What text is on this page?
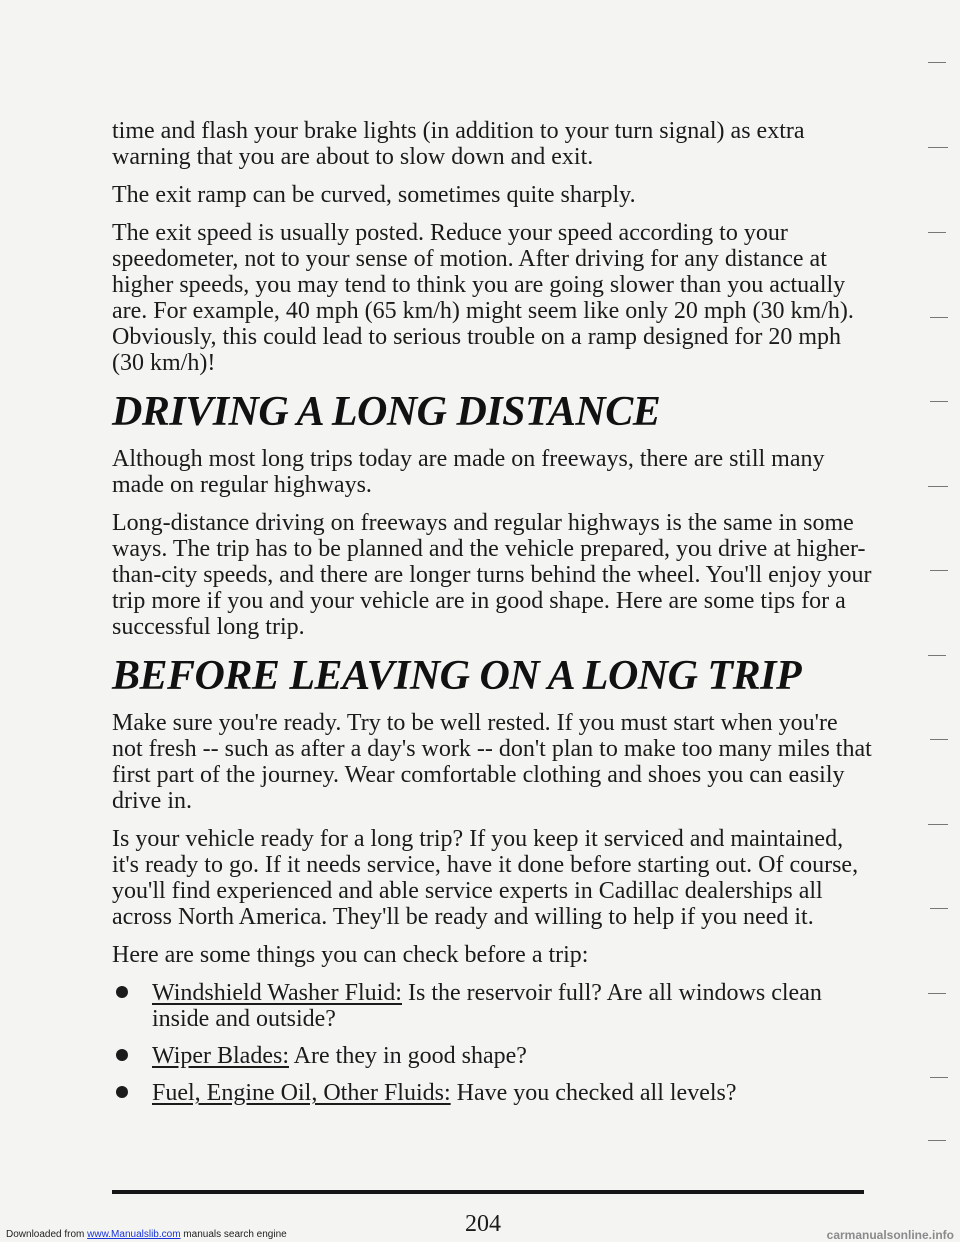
time and flash your brake lights (in addition to your turn signal) as extra warning that you are about to slow down and exit.

The exit ramp can be curved, sometimes quite sharply.

The exit speed is usually posted. Reduce your speed according to your speedometer, not to your sense of motion. After driving for any distance at higher speeds, you may tend to think you are going slower than you actually are. For example, 40 mph (65 km/h) might seem like only 20 mph (30 km/h). Obviously, this could lead to serious trouble on a ramp designed for 20 mph (30 km/h)!

DRIVING A LONG DISTANCE

Although most long trips today are made on freeways, there are still many made on regular highways.

Long-distance driving on freeways and regular highways is the same in some ways. The trip has to be planned and the vehicle prepared, you drive at higher-than-city speeds, and there are longer turns behind the wheel. You'll enjoy your trip more if you and your vehicle are in good shape. Here are some tips for a successful long trip.

BEFORE LEAVING ON A LONG TRIP

Make sure you're ready. Try to be well rested. If you must start when you're not fresh -- such as after a day's work -- don't plan to make too many miles that first part of the journey. Wear comfortable clothing and shoes you can easily drive in.

Is your vehicle ready for a long trip? If you keep it serviced and maintained, it's ready to go. If it needs service, have it done before starting out. Of course, you'll find experienced and able service experts in Cadillac dealerships all across North America. They'll be ready and willing to help if you need it.

Here are some things you can check before a trip:

Windshield Washer Fluid: Is the reservoir full? Are all windows clean inside and outside?
Wiper Blades: Are they in good shape?
Fuel, Engine Oil, Other Fluids: Have you checked all levels?
204
Downloaded from www.Manualslib.com manuals search engine	carmanualsonline.info
